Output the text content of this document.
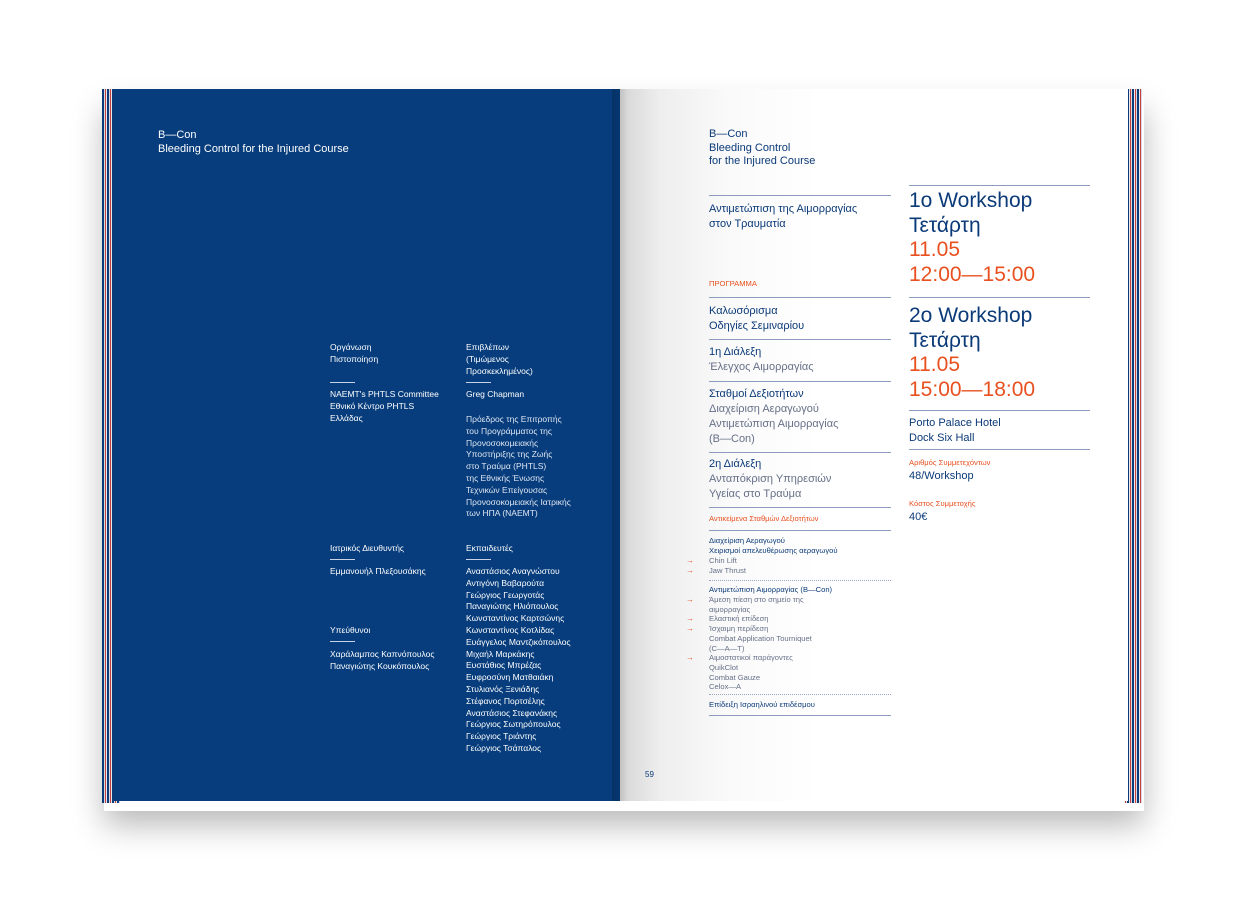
B—Con
Bleeding Control for the Injured Course
Οργάνωση
Πιστοποίηση
NAEMT's PHTLS Committee
Εθνικό Κέντρο PHTLS
Ελλάδας
Ιατρικός Διευθυντής
Εμμανουήλ Πλεξουσάκης
Υπεύθυνοι
Χαράλαμπος Καπνόπουλος
Παναγιώτης Κουκόπουλος
Επιβλέπων
(Τιμώμενος
Προσκεκλημένος)
Greg Chapman
Πρόεδρος της Επιτροπής
του Προγράμματος της
Προνοσοκομειακής
Υποστήριξης της Ζωής
στο Τραύμα (PHTLS)
της Εθνικής Ένωσης
Τεχνικών Επείγουσας
Προνοσοκομειακής Ιατρικής
των ΗΠΑ (NAEMT)
Εκπαιδευτές
Αναστάσιος Αναγνώστου
Αντιγόνη Βαβαρούτα
Γεώργιος Γεωργοτάς
Παναγιώτης Ηλιόπουλος
Κωνσταντίνος Καρτσώνης
Κωνσταντίνος Κοτλίδας
Ευάγγελος Μαντζικόπουλος
Μιχαήλ Μαρκάκης
Ευστάθιος Μπρέζας
Ευφροσύνη Ματθαιάκη
Στυλιανός Ξενιάδης
Στέφανος Πορτσέλης
Αναστάσιος Στεφανάκης
Γεώργιος Σωτηρόπουλος
Γεώργιος Τριάντης
Γεώργιος Τσάπαλος
B—Con
Bleeding Control
for the Injured Course
Αντιμετώπιση της Αιμορραγίας
στον Τραυματία
ΠΡΟΓΡΑΜΜΑ
Καλωσόρισμα
Οδηγίες Σεμιναρίου
1η Διάλεξη
Έλεγχος Αιμορραγίας
Σταθμοί Δεξιοτήτων
Διαχείριση Αεραγωγού
Αντιμετώπιση Αιμορραγίας
(Β—Con)
2η Διάλεξη
Ανταπόκριση Υπηρεσιών
Υγείας στο Τραύμα
Αντικείμενα Σταθμών Δεξιοτήτων
Διαχείριση Αεραγωγού
Χειρισμοί απελευθέρωσης αεραγωγού
Chin Lift
Jaw Thrust
→
→
Αντιμετώπιση Αιμορραγίας (Β—Con)
Άμεση πίεση στο σημείο της
αιμορραγίας
Ελαστική επίδεση
Ίσχαιμη περίδεση
Combat Application Tourniquet
(C—A—T)
Αιμοστατικοί παράγοντες
QuikClot
Combat Gauze
Celox—A
→
→
→
→
Επίδειξη Ισραηλινού επιδέσμου
1ο Workshop
Τετάρτη
11.05
12:00—15:00
2ο Workshop
Τετάρτη
11.05
15:00—18:00
Porto Palace Hotel
Dock Six Hall
Αριθμός Συμμετεχόντων
48/Workshop
Κόστος Συμμετοχής
40€
59
